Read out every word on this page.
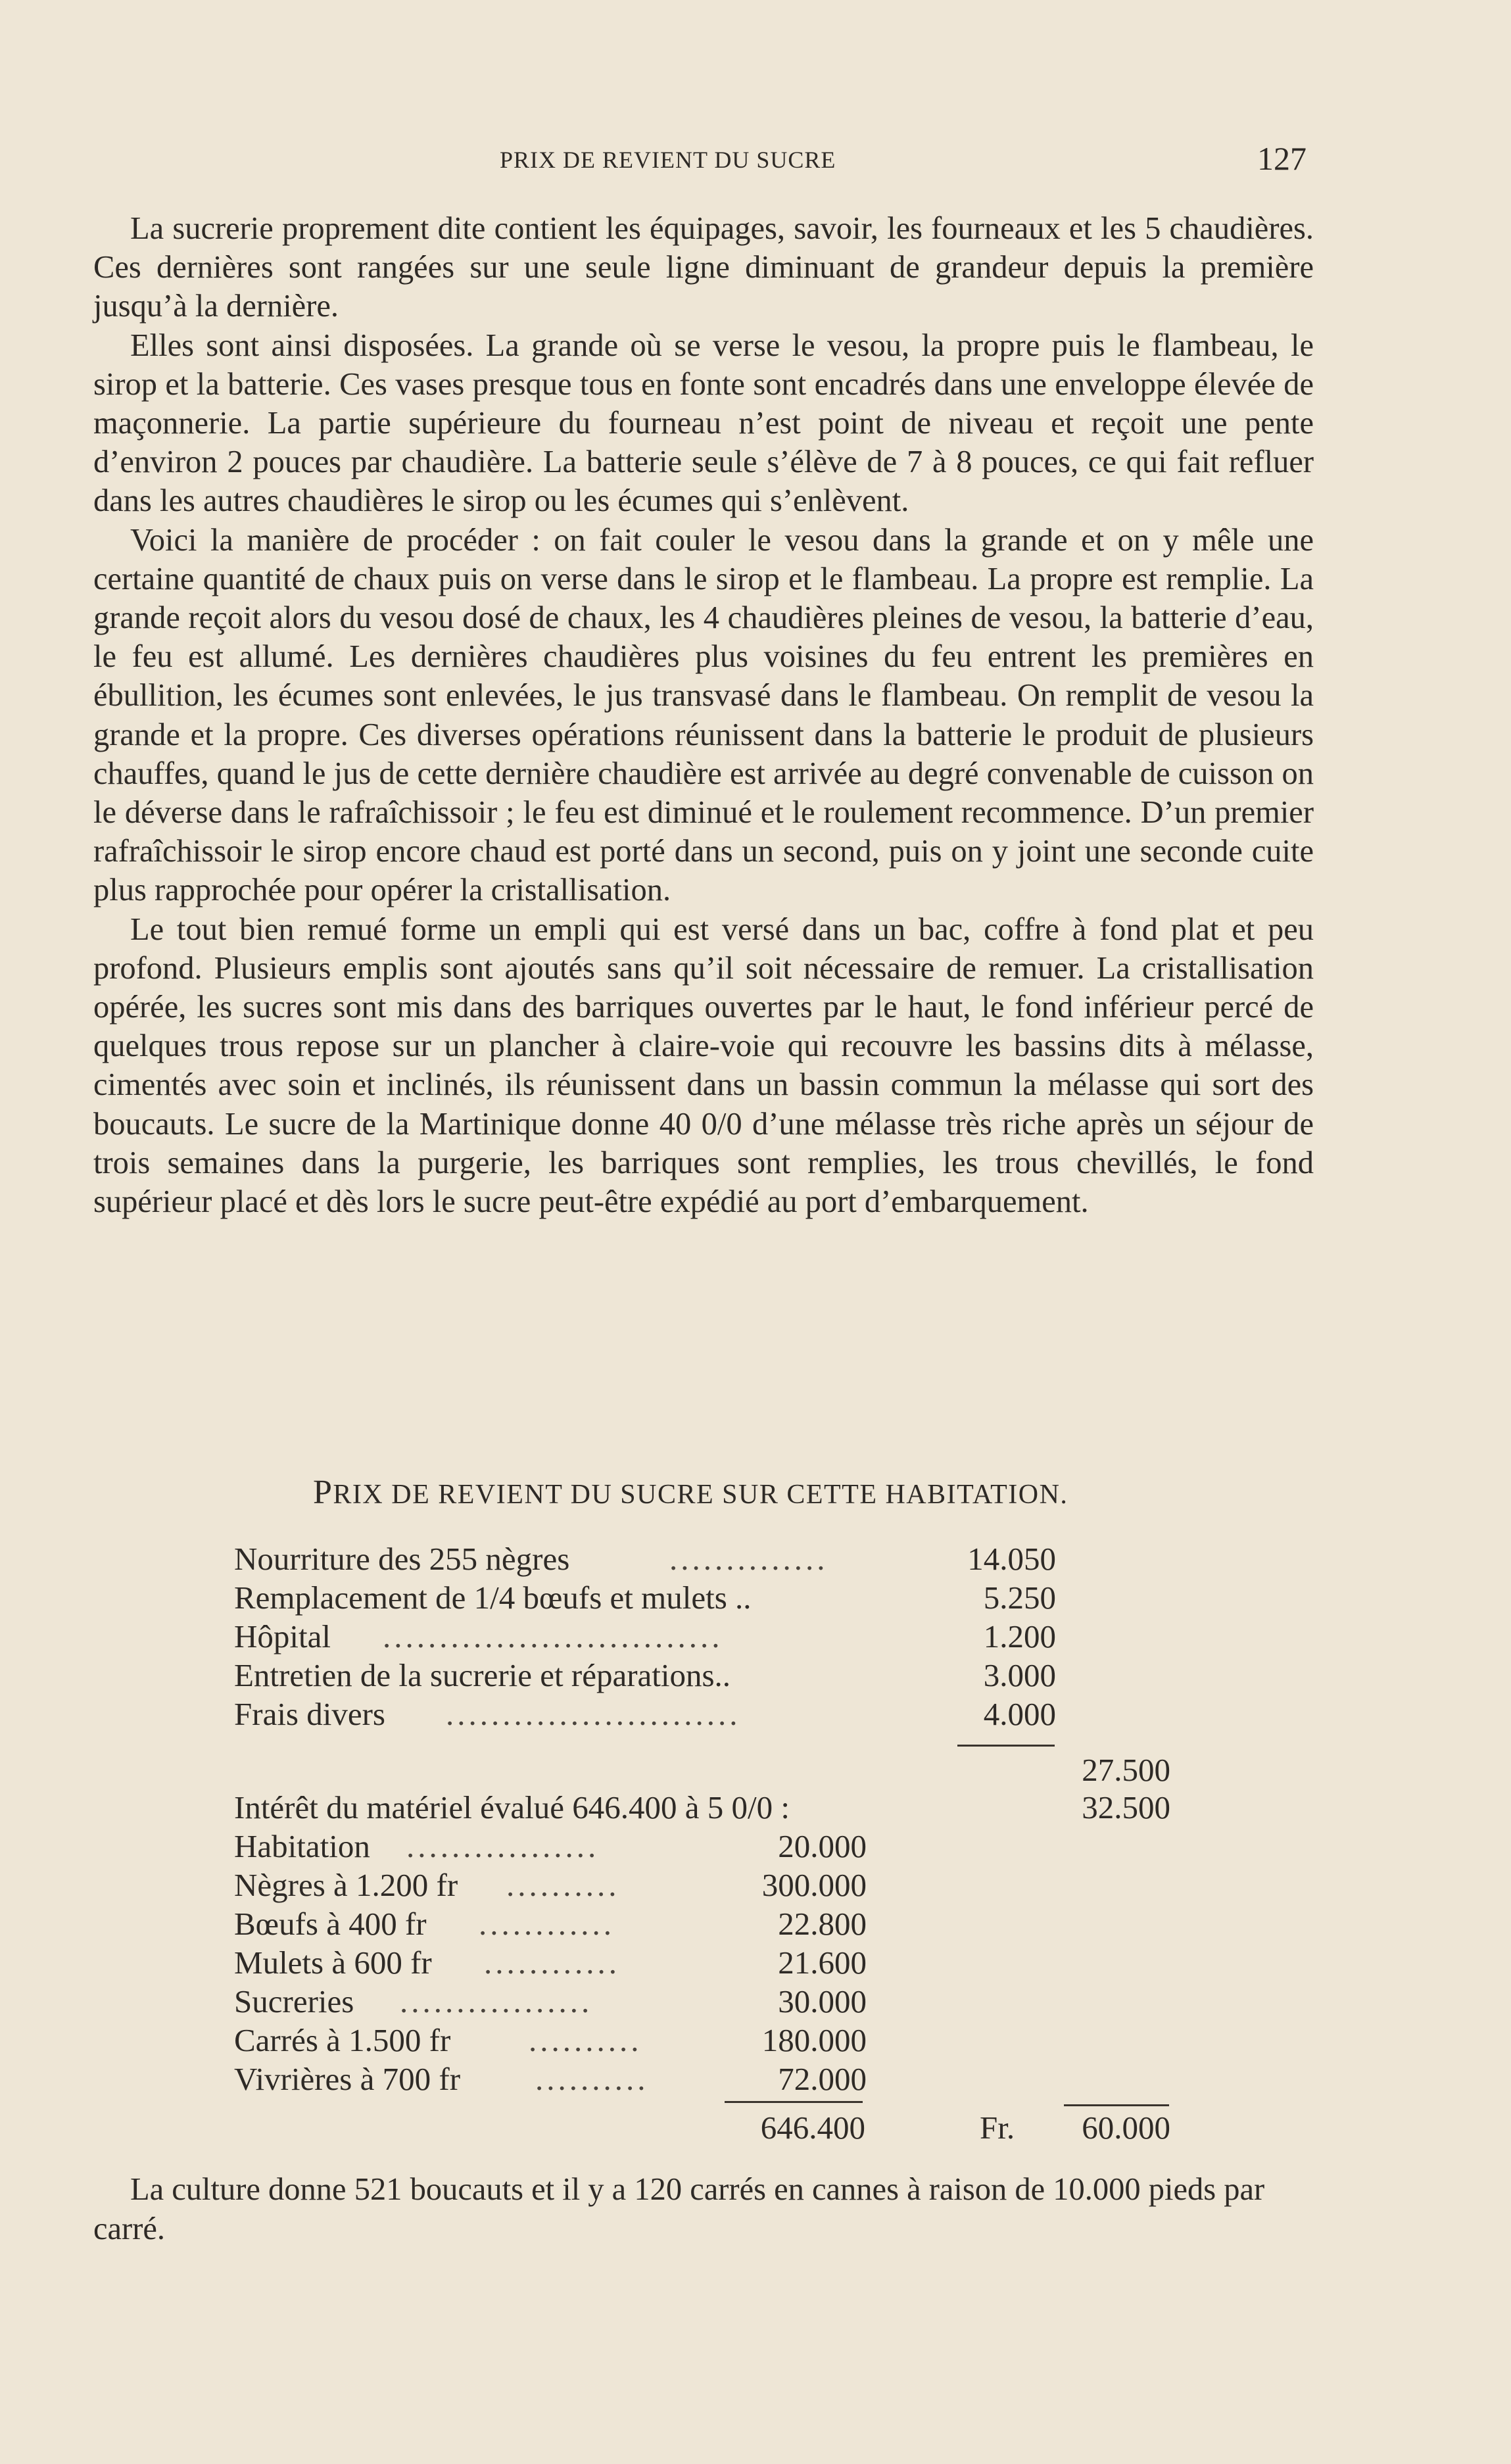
PRIX DE REVIENT DU SUCRE	127

La sucrerie proprement dite contient les équipages, savoir, les fourneaux et les 5 chaudières. Ces dernières sont rangées sur une seule ligne diminuant de grandeur depuis la première jusqu’à la dernière.

Elles sont ainsi disposées. La grande où se verse le vesou, la propre puis le flambeau, le sirop et la batterie. Ces vases presque tous en fonte sont encadrés dans une enveloppe élevée de maçonnerie. La partie supérieure du fourneau n’est point de niveau et reçoit une pente d’environ 2 pouces par chaudière. La batterie seule s’élève de 7 à 8 pouces, ce qui fait refluer dans les autres chaudières le sirop ou les écumes qui s’enlèvent.

Voici la manière de procéder : on fait couler le vesou dans la grande et on y mêle une certaine quantité de chaux puis on verse dans le sirop et le flambeau. La propre est remplie. La grande reçoit alors du vesou dosé de chaux, les 4 chaudières pleines de vesou, la batterie d’eau, le feu est allumé. Les dernières chaudières plus voisines du feu entrent les premières en ébullition, les écumes sont enlevées, le jus transvasé dans le flambeau. On remplit de vesou la grande et la propre. Ces diverses opérations réunissent dans la batterie le produit de plusieurs chauffes, quand le jus de cette dernière chaudière est arrivée au degré convenable de cuisson on le déverse dans le rafraîchissoir ; le feu est diminué et le roulement recommence. D’un premier rafraîchissoir le sirop encore chaud est porté dans un second, puis on y joint une seconde cuite plus rapprochée pour opérer la cristallisation.

Le tout bien remué forme un empli qui est versé dans un bac, coffre à fond plat et peu profond. Plusieurs emplis sont ajoutés sans qu’il soit nécessaire de remuer. La cristallisation opérée, les sucres sont mis dans des barriques ouvertes par le haut, le fond inférieur percé de quelques trous repose sur un plancher à claire-voie qui recouvre les bassins dits à mélasse, cimentés avec soin et inclinés, ils réunissent dans un bassin commun la mélasse qui sort des boucauts. Le sucre de la Martinique donne 40 0/0 d’une mélasse très riche après un séjour de trois semaines dans la purgerie, les barriques sont remplies, les trous chevillés, le fond supérieur placé et dès lors le sucre peut-être expédié au port d’embarquement.

PRIX DE REVIENT DU SUCRE SUR CETTE HABITATION.
Nourriture des 255 nègres	..............	14.050
Remplacement de 1/4 bœufs et mulets ..	5.250
Hôpital ..............................	1.200
Entretien de la sucrerie et réparations..	3.000
Frais divers ..........................	4.000
27.500
Intérêt du matériel évalué 646.400 à 5 0/0 :	32.500
Habitation .................	20.000
Nègres à 1.200 fr ..........	300.000
Bœufs à 400 fr ............	22.800
Mulets à 600 fr ............	21.600
Sucreries .................	30.000
Carrés à 1.500 fr ..........	180.000
Vivrières à 700 fr ..........	72.000
646.400	Fr.	60.000

La culture donne 521 boucauts et il y a 120 carrés en cannes à raison de 10.000 pieds par carré.
